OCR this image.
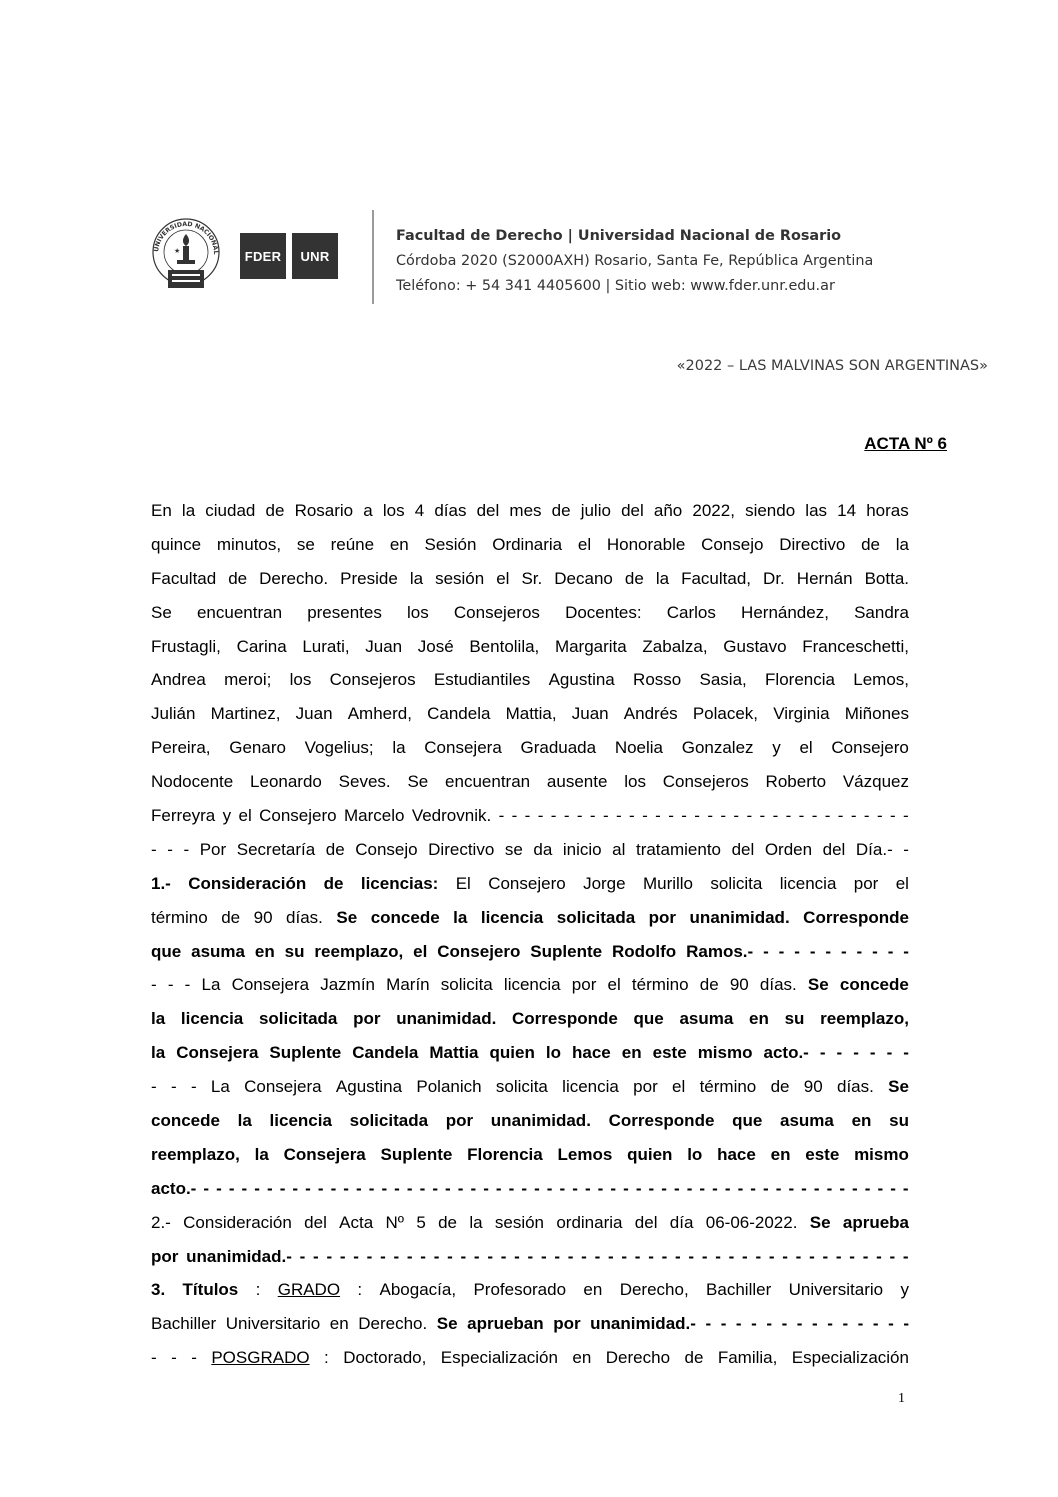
UNIVERSIDAD NACIONAL
★	FDER	UNR
Facultad de Derecho | Universidad Nacional de Rosario
Córdoba 2020 (S2000AXH) Rosario, Santa Fe, República Argentina
Teléfono: + 54 341 4405600 | Sitio web: www.fder.unr.edu.ar
«2022 – LAS MALVINAS SON ARGENTINAS»
ACTA Nº 6
En la ciudad de Rosario a los 4 días del mes de julio del año 2022, siendo las 14 horas
quince minutos, se reúne en Sesión Ordinaria el Honorable Consejo Directivo de la
Facultad de Derecho. Preside la sesión el Sr. Decano de la Facultad, Dr. Hernán Botta.
Se encuentran presentes los Consejeros Docentes: Carlos Hernández, Sandra
Frustagli, Carina Lurati, Juan José Bentolila, Margarita Zabalza, Gustavo Franceschetti,
Andrea meroi; los Consejeros Estudiantiles Agustina Rosso Sasia, Florencia Lemos,
Julián Martinez, Juan Amherd, Candela Mattia, Juan Andrés Polacek, Virginia Miñones
Pereira, Genaro Vogelius; la Consejera Graduada Noelia Gonzalez y el Consejero
Nodocente Leonardo Seves. Se encuentran ausente los Consejeros Roberto Vázquez
Ferreyra y el Consejero Marcelo Vedrovnik. - - - - - - - - - - - - - - - - - - - - - - - - - - - - - - - -
- - - Por Secretaría de Consejo Directivo se da inicio al tratamiento del Orden del Día.- -
1.- Consideración de licencias: El Consejero Jorge Murillo solicita licencia por el
término de 90 días. Se concede la licencia solicitada por unanimidad. Corresponde
que asuma en su reemplazo, el Consejero Suplente Rodolfo Ramos.- - - - - - - - - - -
- - - La Consejera Jazmín Marín solicita licencia por el término de 90 días. Se concede
la licencia solicitada por unanimidad. Corresponde que asuma en su reemplazo,
la Consejera Suplente Candela Mattia quien lo hace en este mismo acto.- - - - - - -
- - - La Consejera Agustina Polanich solicita licencia por el término de 90 días. Se
concede la licencia solicitada por unanimidad. Corresponde que asuma en su
reemplazo, la Consejera Suplente Florencia Lemos quien lo hace en este mismo
acto.- - - - - - - - - - - - - - - - - - - - - - - - - - - - - - - - - - - - - - - - - - - - - - - - - - - - - - - - -
2.- Consideración del Acta Nº 5 de la sesión ordinaria del día 06-06-2022. Se aprueba
por unanimidad.- - - - - - - - - - - - - - - - - - - - - - - - - - - - - - - - - - - - - - - - - - - - - - -
3. Títulos : GRADO : Abogacía, Profesorado en Derecho, Bachiller Universitario y
Bachiller Universitario en Derecho. Se aprueban por unanimidad.- - - - - - - - - - - - - - -
- - - POSGRADO : Doctorado, Especialización en Derecho de Familia, Especialización
1
